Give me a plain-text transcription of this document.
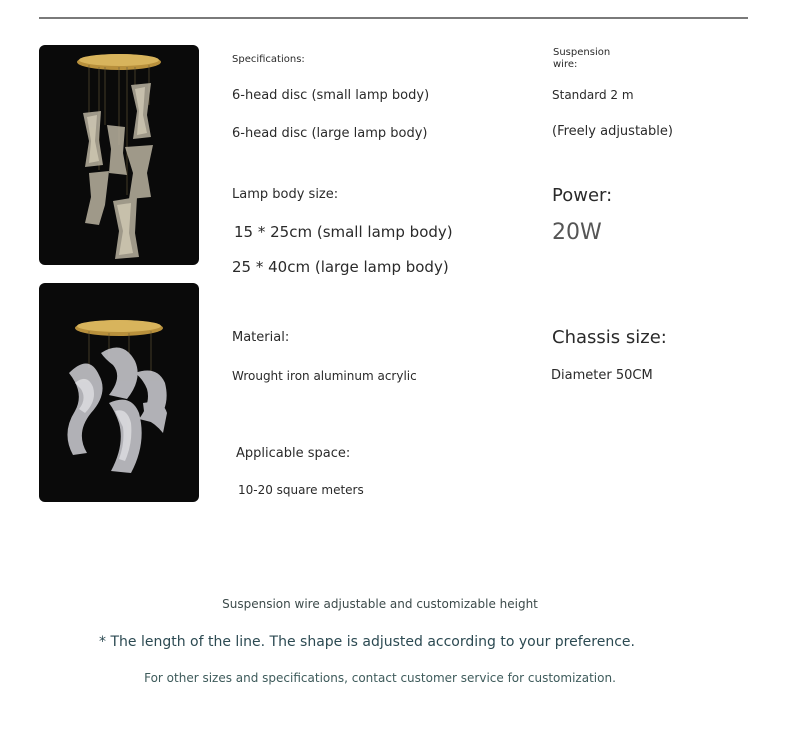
Specifications:
6-head disc (small lamp body)
6-head disc (large lamp body)
Lamp body size:
15 * 25cm (small lamp body)
25 * 40cm (large lamp body)
Material:
Wrought iron aluminum acrylic
Applicable space:
10-20 square meters
Suspension wire:
Standard 2 m
(Freely adjustable)
Power:
20W
Chassis size:
Diameter 50CM
Suspension wire adjustable and customizable height
* The length of the line. The shape is adjusted according to your preference.
For other sizes and specifications, contact customer service for customization.
